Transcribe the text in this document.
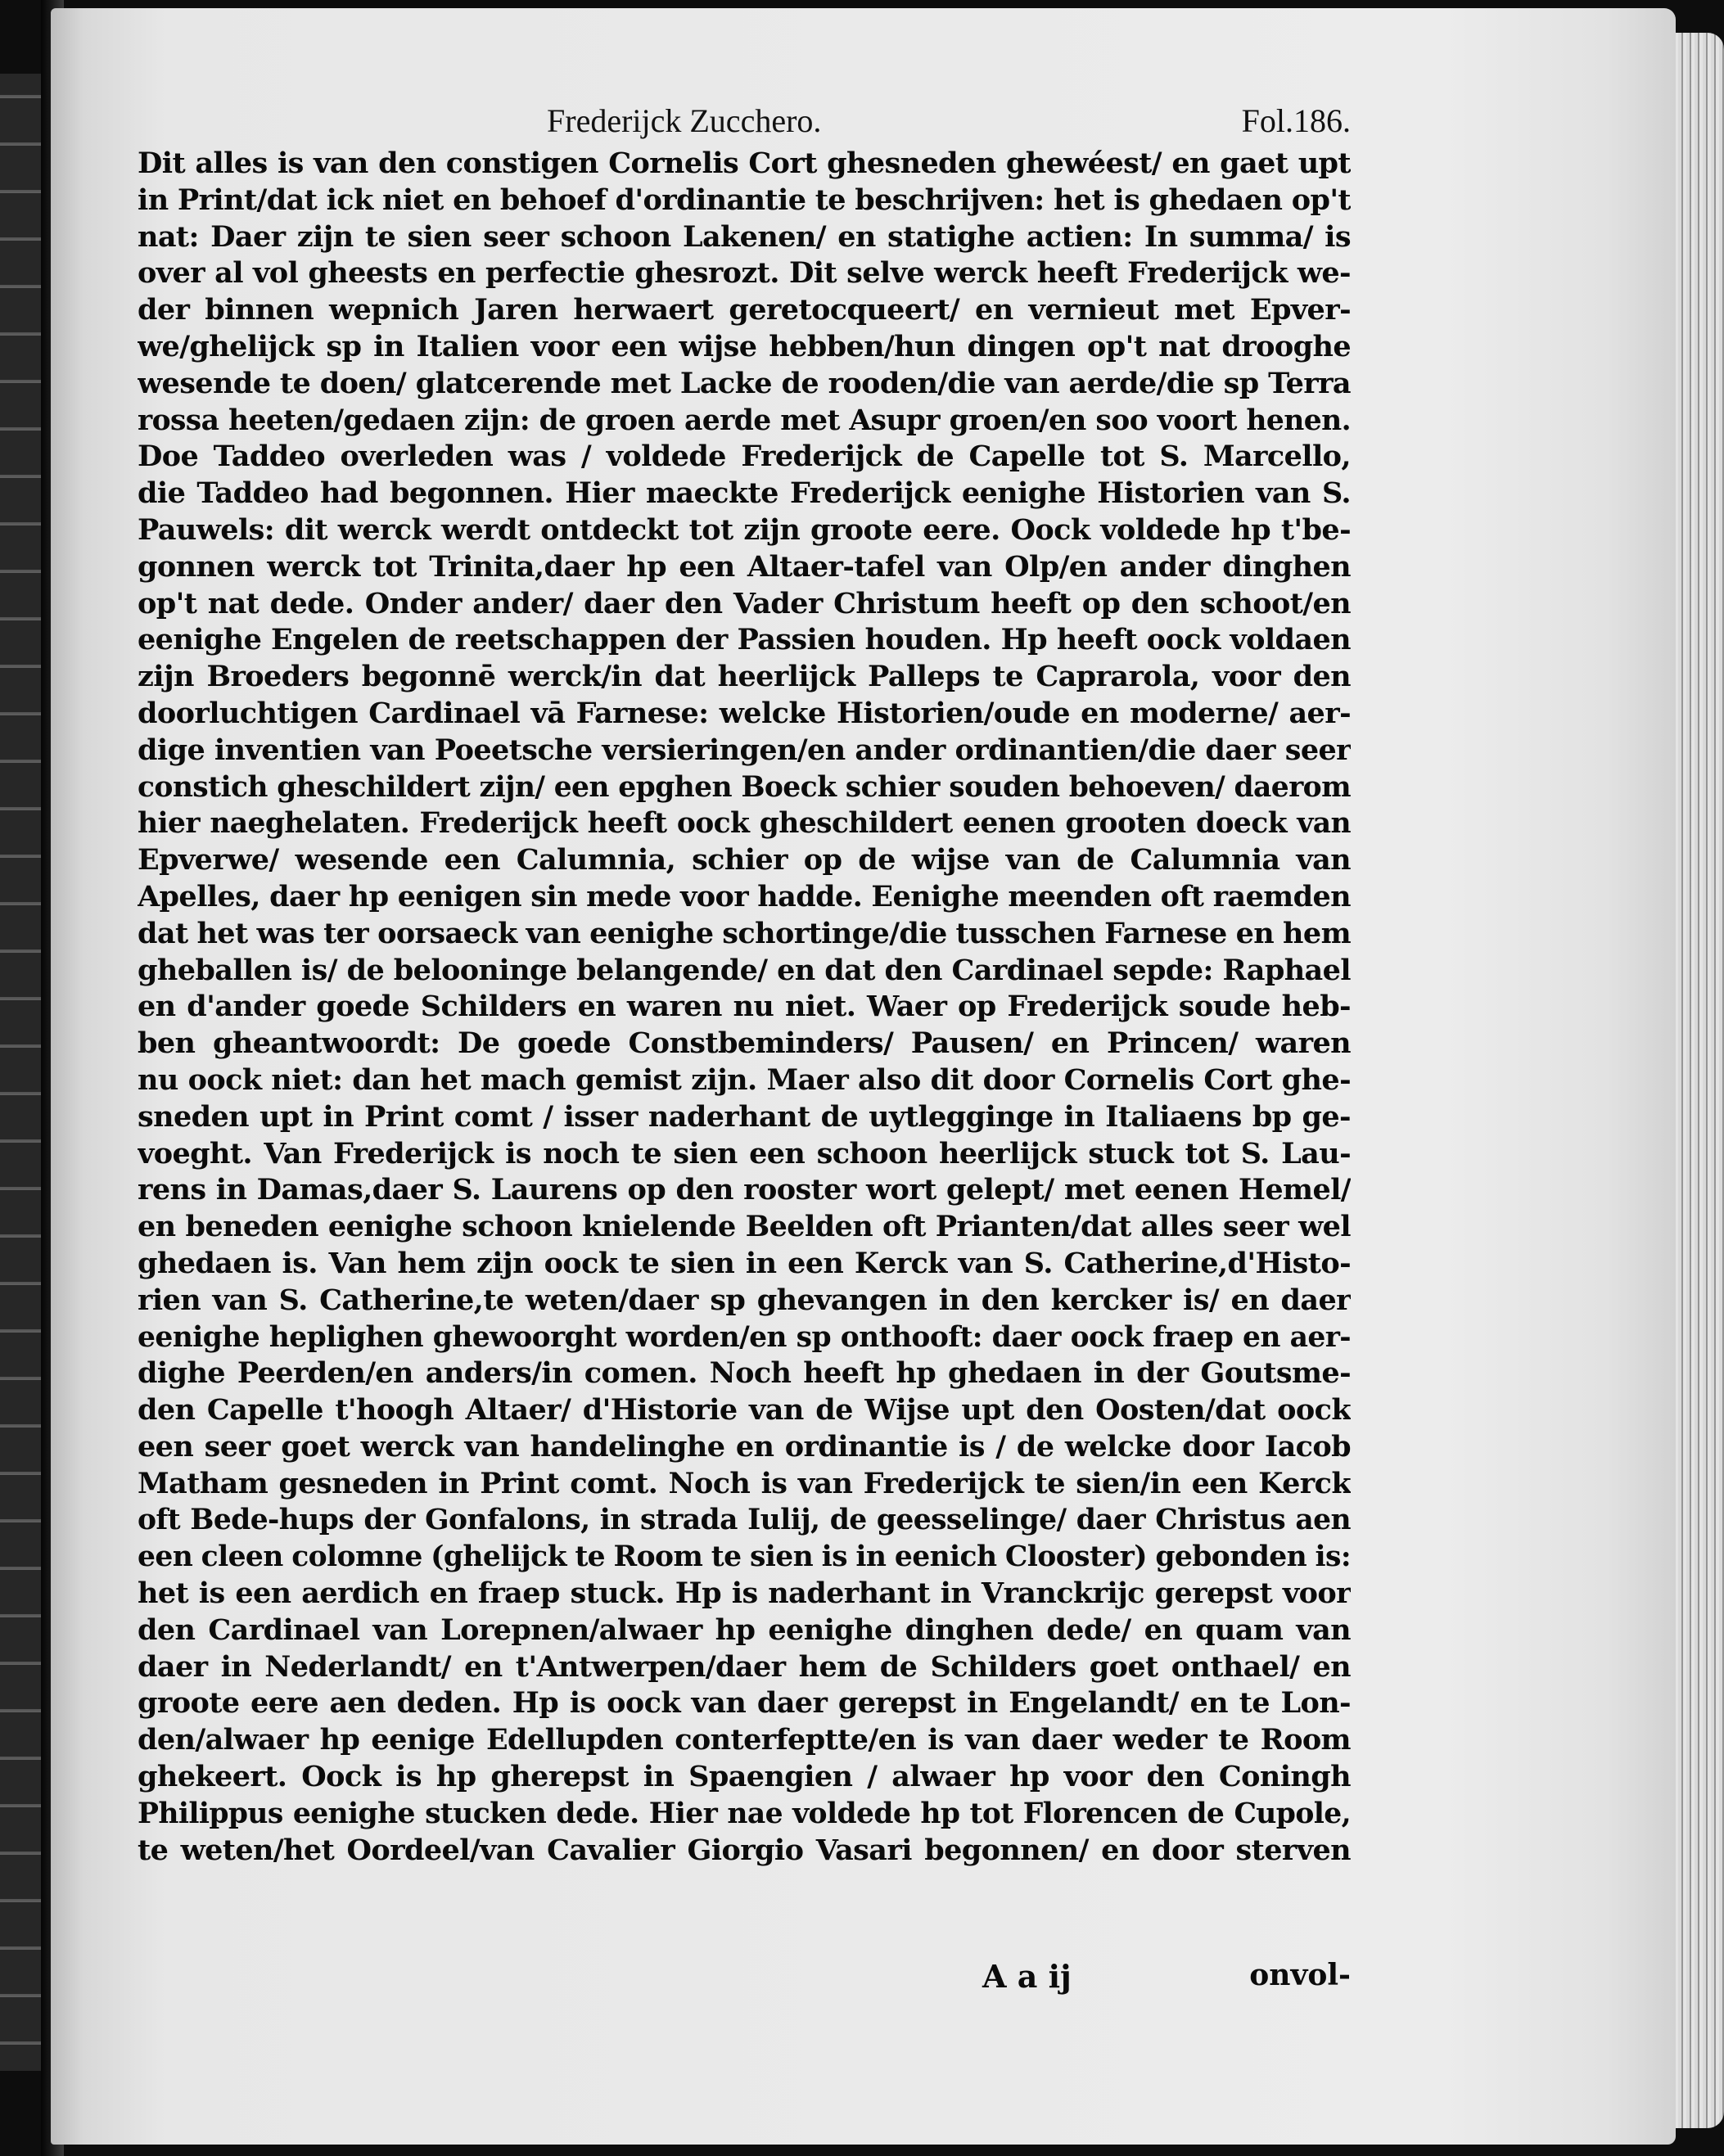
Frederijck Zucchero.	Fol.186.
Dit alles is van den constigen Cornelis Cort ghesneden ghewéest/ en gaet upt
in Print/dat ick niet en behoef d'ordinantie te beschrijven: het is ghedaen op't
nat: Daer zijn te sien seer schoon Lakenen/ en statighe actien: In summa/ is
over al vol gheests en perfectie ghesrozt. Dit selve werck heeft Frederijck we-
der binnen wepnich Jaren herwaert geretocqueert/ en vernieut met Epver-
we/ghelijck sp in Italien voor een wijse hebben/hun dingen op't nat drooghe
wesende te doen/ glatcerende met Lacke de rooden/die van aerde/die sp Terra
rossa heeten/gedaen zijn: de groen aerde met Asupr groen/en soo voort henen.
Doe Taddeo overleden was / voldede Frederijck de Capelle tot S. Marcello,
die Taddeo had begonnen. Hier maeckte Frederijck eenighe Historien van S.
Pauwels: dit werck werdt ontdeckt tot zijn groote eere. Oock voldede hp t'be-
gonnen werck tot Trinita,daer hp een Altaer-tafel van Olp/en ander dinghen
op't nat dede. Onder ander/ daer den Vader Christum heeft op den schoot/en
eenighe Engelen de reetschappen der Passien houden. Hp heeft oock voldaen
zijn Broeders begonnē werck/in dat heerlijck Palleps te Caprarola, voor den
doorluchtigen Cardinael vā Farnese: welcke Historien/oude en moderne/ aer-
dige inventien van Poeetsche versieringen/en ander ordinantien/die daer seer
constich gheschildert zijn/ een epghen Boeck schier souden behoeven/ daerom
hier naeghelaten. Frederijck heeft oock gheschildert eenen grooten doeck van
Epverwe/ wesende een Calumnia, schier op de wijse van de Calumnia van
Apelles, daer hp eenigen sin mede voor hadde. Eenighe meenden oft raemden
dat het was ter oorsaeck van eenighe schortinge/die tusschen Farnese en hem
gheballen is/ de belooninge belangende/ en dat den Cardinael sepde: Raphael
en d'ander goede Schilders en waren nu niet. Waer op Frederijck soude heb-
ben gheantwoordt: De goede Constbeminders/ Pausen/ en Princen/ waren
nu oock niet: dan het mach gemist zijn. Maer also dit door Cornelis Cort ghe-
sneden upt in Print comt / isser naderhant de uytlegginge in Italiaens bp ge-
voeght. Van Frederijck is noch te sien een schoon heerlijck stuck tot S. Lau-
rens in Damas,daer S. Laurens op den rooster wort gelept/ met eenen Hemel/
en beneden eenighe schoon knielende Beelden oft Prianten/dat alles seer wel
ghedaen is. Van hem zijn oock te sien in een Kerck van S. Catherine,d'Histo-
rien van S. Catherine,te weten/daer sp ghevangen in den kercker is/ en daer
eenighe heplighen ghewoorght worden/en sp onthooft: daer oock fraep en aer-
dighe Peerden/en anders/in comen. Noch heeft hp ghedaen in der Goutsme-
den Capelle t'hoogh Altaer/ d'Historie van de Wijse upt den Oosten/dat oock
een seer goet werck van handelinghe en ordinantie is / de welcke door Iacob
Matham gesneden in Print comt. Noch is van Frederijck te sien/in een Kerck
oft Bede-hups der Gonfalons, in strada Iulij, de geesselinge/ daer Christus aen
een cleen colomne (ghelijck te Room te sien is in eenich Clooster) gebonden is:
het is een aerdich en fraep stuck. Hp is naderhant in Vranckrijc gerepst voor
den Cardinael van Lorepnen/alwaer hp eenighe dinghen dede/ en quam van
daer in Nederlandt/ en t'Antwerpen/daer hem de Schilders goet onthael/ en
groote eere aen deden. Hp is oock van daer gerepst in Engelandt/ en te Lon-
den/alwaer hp eenige Edellupden conterfeptte/en is van daer weder te Room
ghekeert. Oock is hp gherepst in Spaengien / alwaer hp voor den Coningh
Philippus eenighe stucken dede. Hier nae voldede hp tot Florencen de Cupole,
te weten/het Oordeel/van Cavalier Giorgio Vasari begonnen/ en door sterven
A a ij	onvol-
